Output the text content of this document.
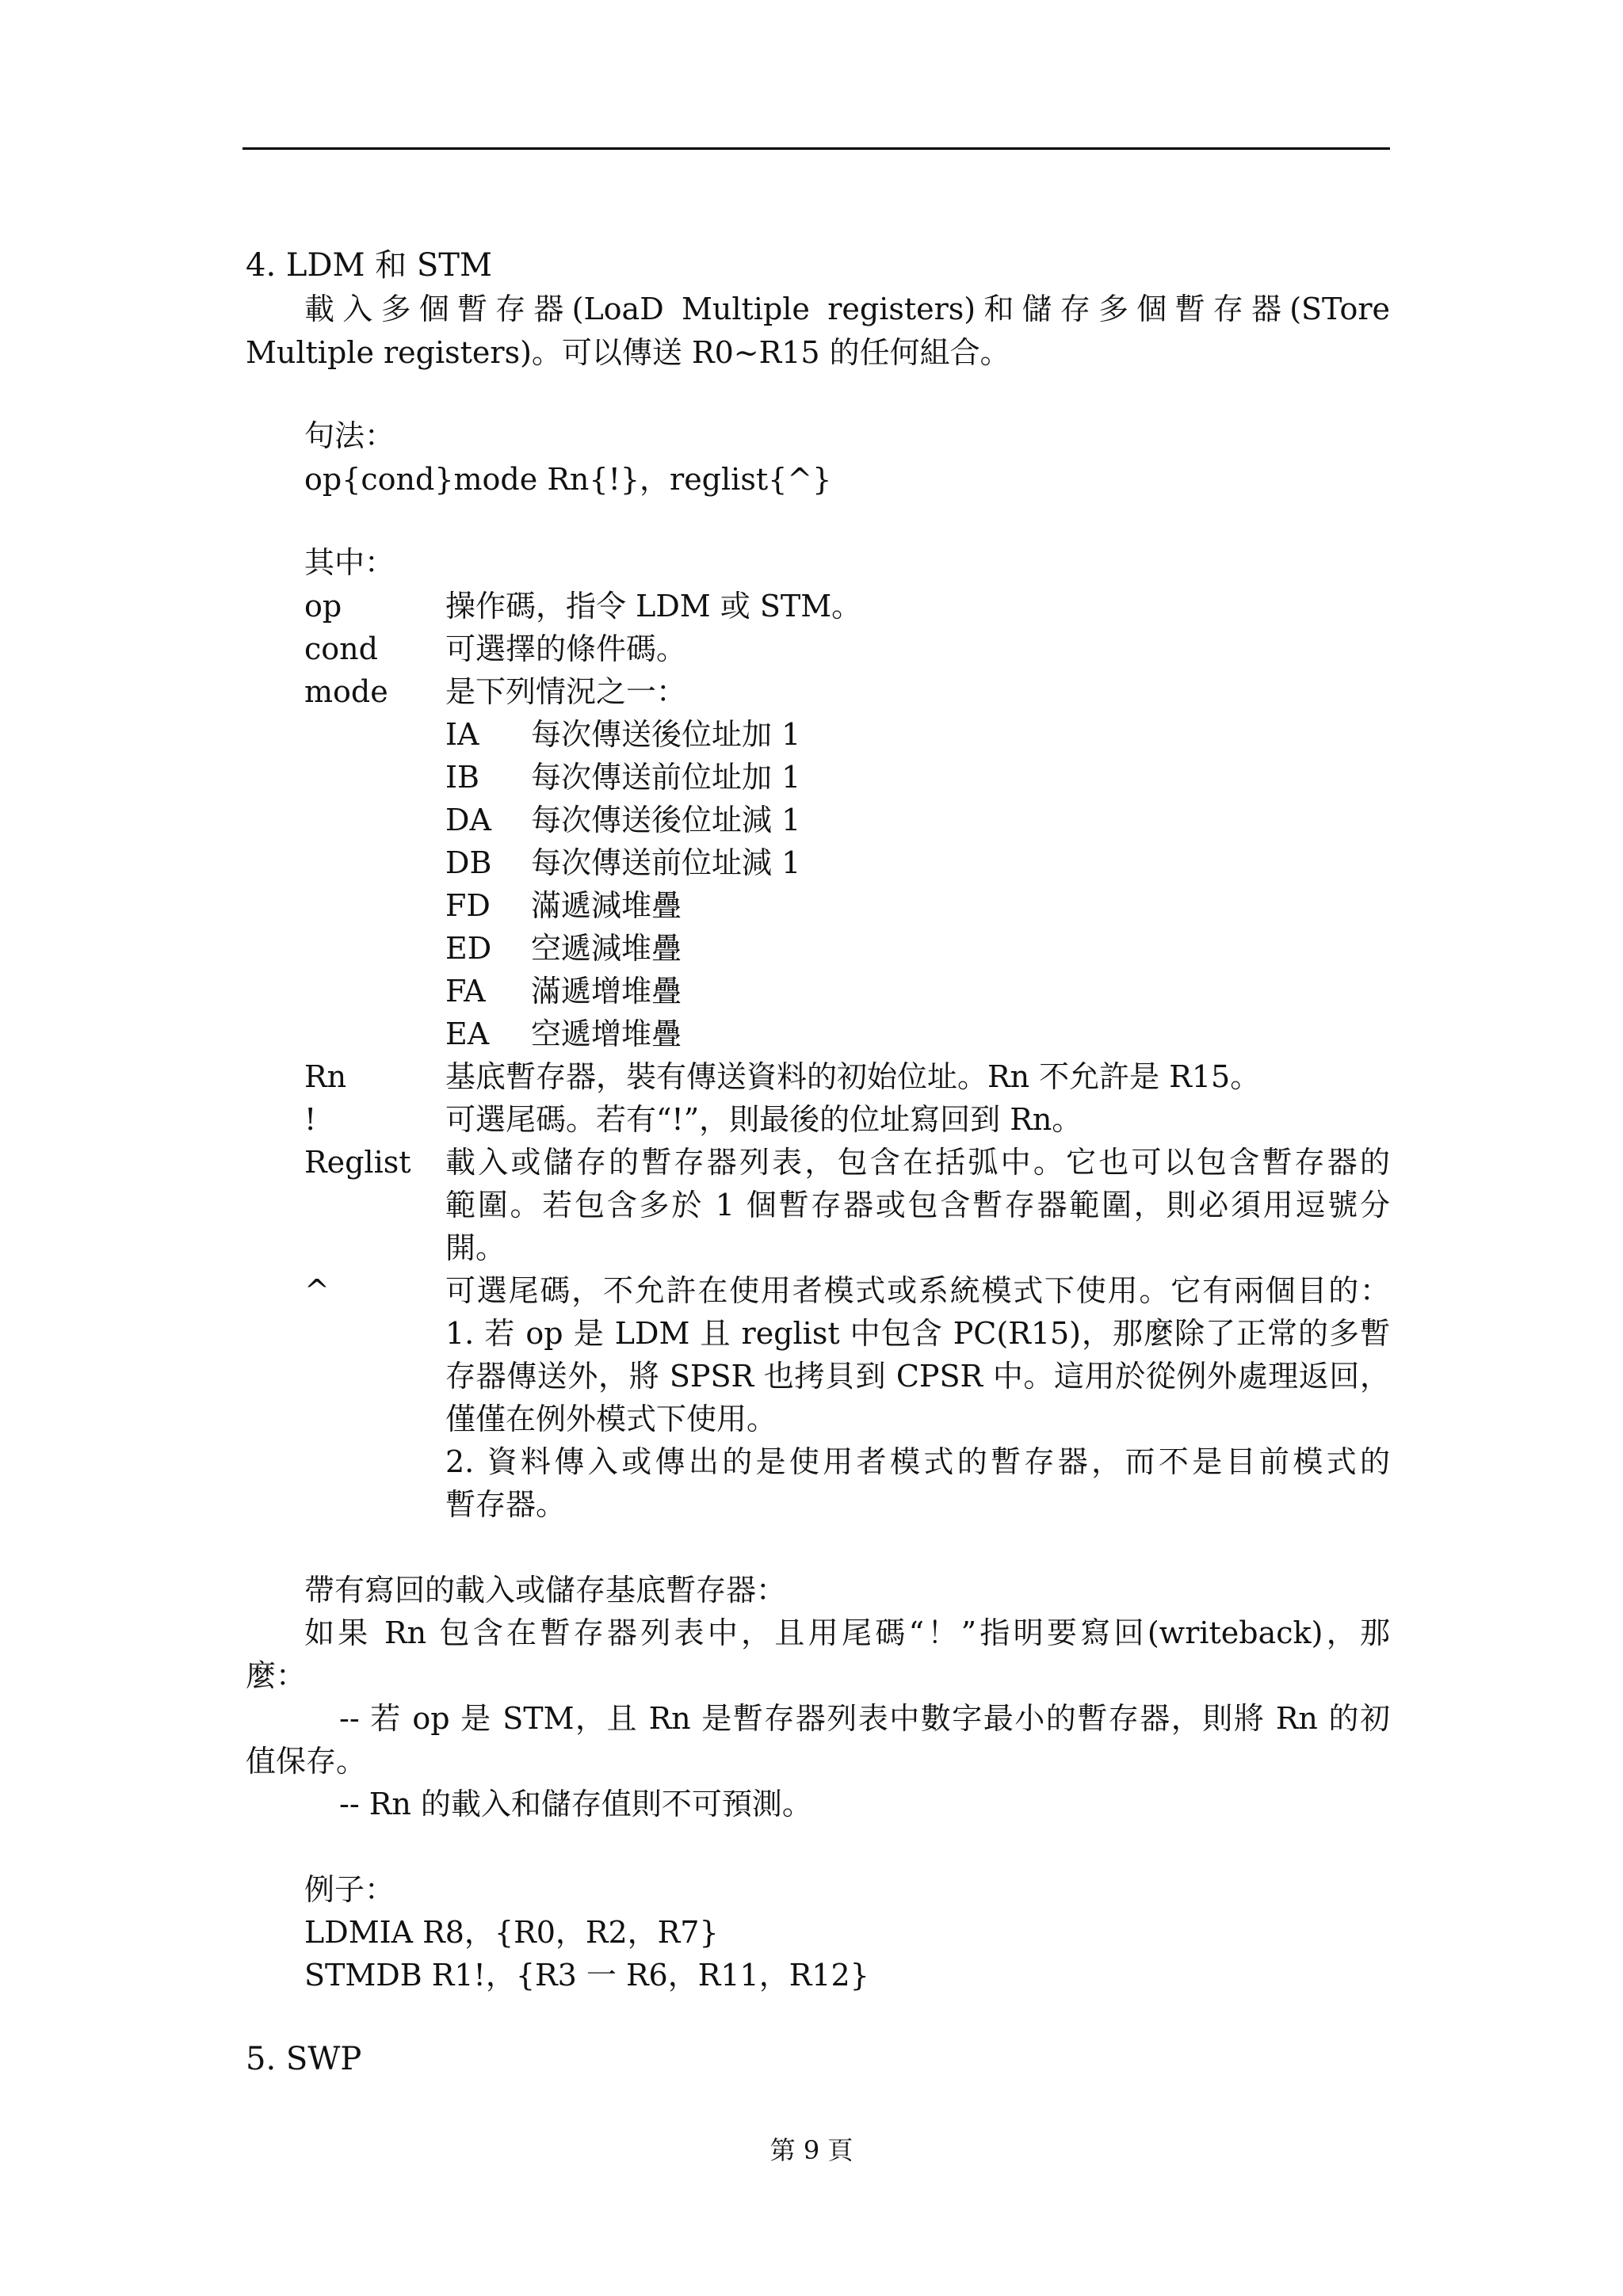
4. LDM 和 STM
載入多個暫存器(LoaD Multiple registers)和儲存多個暫存器(STore
Multiple registers)。可以傳送 R0~R15 的任何組合。
句法：
op{cond}mode Rn{!}，reglist{^}
其中：
op	操作碼，指令 LDM 或 STM。
cond 可選擇的條件碼。
mode 是下列情況之一：
IA 每次傳送後位址加 1
IB 每次傳送前位址加 1
DA 每次傳送後位址減 1
DB 每次傳送前位址減 1
FD 滿遞減堆疊
ED 空遞減堆疊
FA 滿遞增堆疊
EA 空遞增堆疊
Rn	基底暫存器，裝有傳送資料的初始位址。Rn 不允許是 R15。
!	可選尾碼。若有“!”，則最後的位址寫回到 Rn。
Reglist 載入或儲存的暫存器列表，包含在括弧中。它也可以包含暫存器的
範圍。若包含多於 1 個暫存器或包含暫存器範圍，則必須用逗號分
開。
^	可選尾碼，不允許在使用者模式或系統模式下使用。它有兩個目的：
1. 若 op 是 LDM 且 reglist 中包含 PC(R15)，那麼除了正常的多暫
存器傳送外，將 SPSR 也拷貝到 CPSR 中。這用於從例外處理返回，
僅僅在例外模式下使用。
2. 資料傳入或傳出的是使用者模式的暫存器，而不是目前模式的
暫存器。
帶有寫回的載入或儲存基底暫存器：
如果 Rn 包含在暫存器列表中，且用尾碼“！”指明要寫回(writeback)，那
麼：
-- 若 op 是 STM，且 Rn 是暫存器列表中數字最小的暫存器，則將 Rn 的初
值保存。
-- Rn 的載入和儲存值則不可預測。
例子：
LDMIA R8，{R0，R2，R7}
STMDB R1!，{R3 一 R6，R11，R12}
5. SWP
第 9 頁
